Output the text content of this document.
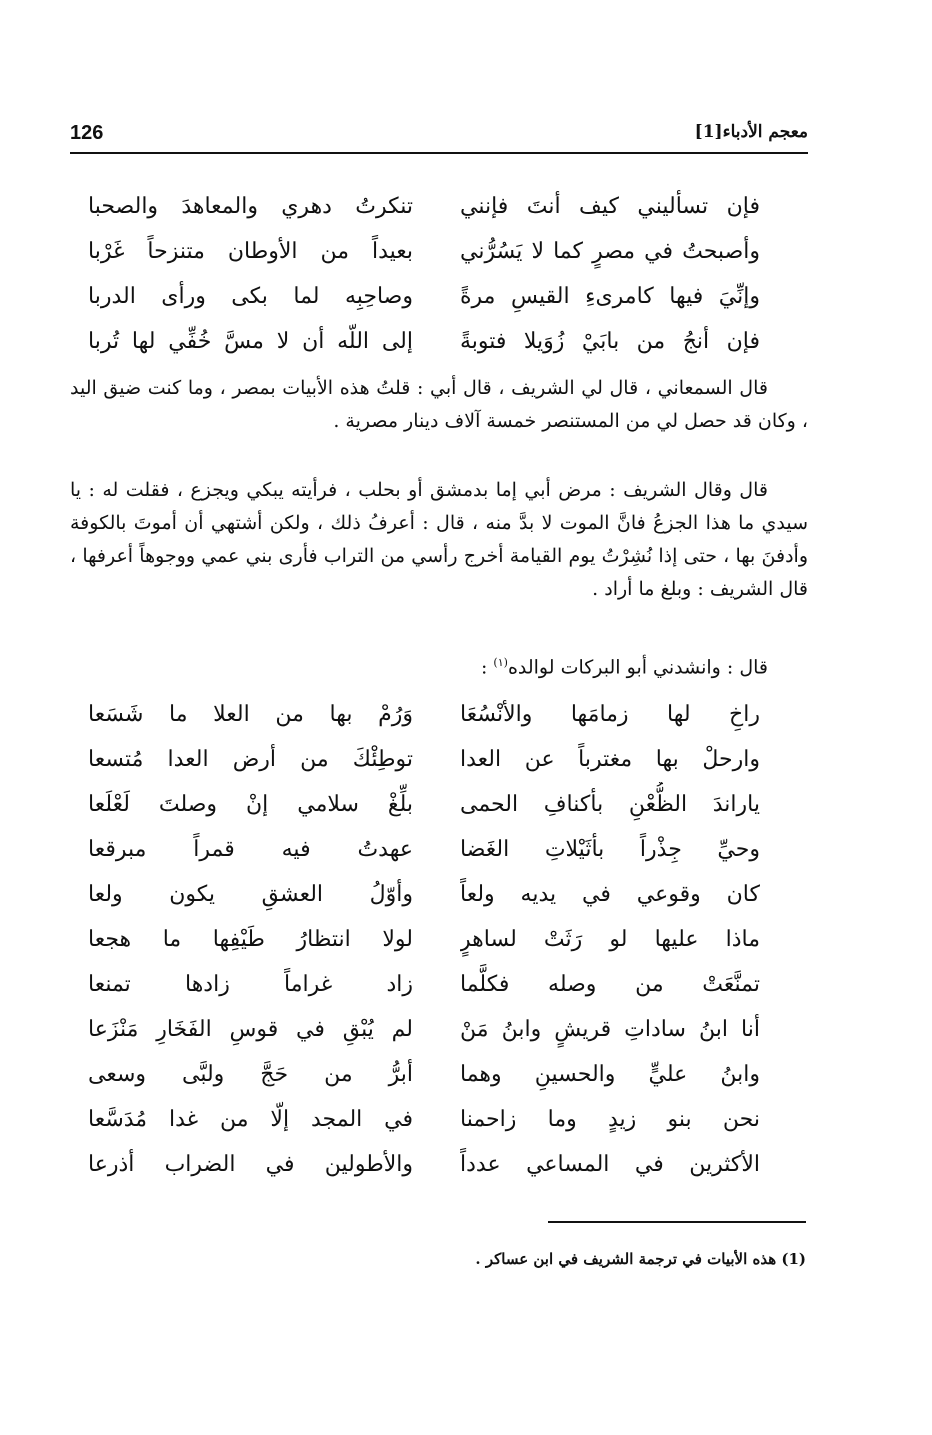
126	معجم الأدباء[1]
فإن تسأليني كيف أنتَ فإنني
تنكرتُ دهري والمعاهدَ والصحبا
وأصبحتُ في مصرٍ كما لا يَسُرُّني
بعيداً من الأوطان متنزحاً غَرْبا
وإنِّيَ فيها كامرىءِ القيسِ مرةً
وصاحِبِه لما بكى ورأى الدربا
فإن أنجُ من بابَيْ زُوَيلا فتوبةً
إلى اللّه أن لا مسَّ خُفِّي لها تُربا

قال السمعاني ، قال لي الشريف ، قال أبي : قلتُ هذه الأبيات بمصر ، وما كنت ضيق اليد ، وكان قد حصل لي من المستنصر خمسة آلاف دينار مصرية .

قال وقال الشريف : مرض أبي إما بدمشق أو بحلب ، فرأيته يبكي ويجزع ، فقلت له : يا سيدي ما هذا الجزعُ فانَّ الموت لا بدَّ منه ، قال : أعرفُ ذلك ، ولكن أشتهي أن أموتَ بالكوفة وأدفنَ بها ، حتى إذا نُشِرْتُ يوم القيامة أخرج رأسي من التراب فأرى بني عمي ووجوهاً أعرفها ، قال الشريف : وبلغ ما أراد .

قال : وانشدني أبو البركات لوالده$^{(١)}$ :

راخِ لها زمامَها والأنْسُعَا
وَرُمْ بها من العلا ما شَسَعا
وارحلْ بها مغترباً عن العدا
توطِئْكَ من أرض العدا مُتسعا
ياراندَ الظُّعْنِ بأكنافِ الحمى
بلِّغْ سلامي إنْ وصلتَ لَعْلَعا
وحيِّ جِذْراً بأثَيْلاتِ الغَضا
عهدتُ فيه قمراً مبرقعا
كان وقوعي في يديه ولعاً
وأوّلُ العشقِ يكون ولعا
ماذا عليها لو رَثَتْ لساهرٍ
لولا انتظارُ طَيْفِها ما هجعا
تمنَّعَتْ من وصله فكلَّما
زاد غراماً زادها تمنعا
أنا ابنُ ساداتِ قريشٍ وابنُ مَنْ
لم يُبْقِ في قوسِ الفَخَارِ مَنْزَعا
وابنُ عليٍّ والحسينِ وهما
أبرُّ من حَجَّ ولبَّى وسعى
نحن بنو زيدٍ وما زاحمنا
في المجد إلّا من غدا مُدَسَّعا
الأكثرين في المساعي عدداً
والأطولين في الضراب أذرعا
(1) هذه الأبيات في ترجمة الشريف في ابن عساكر .
